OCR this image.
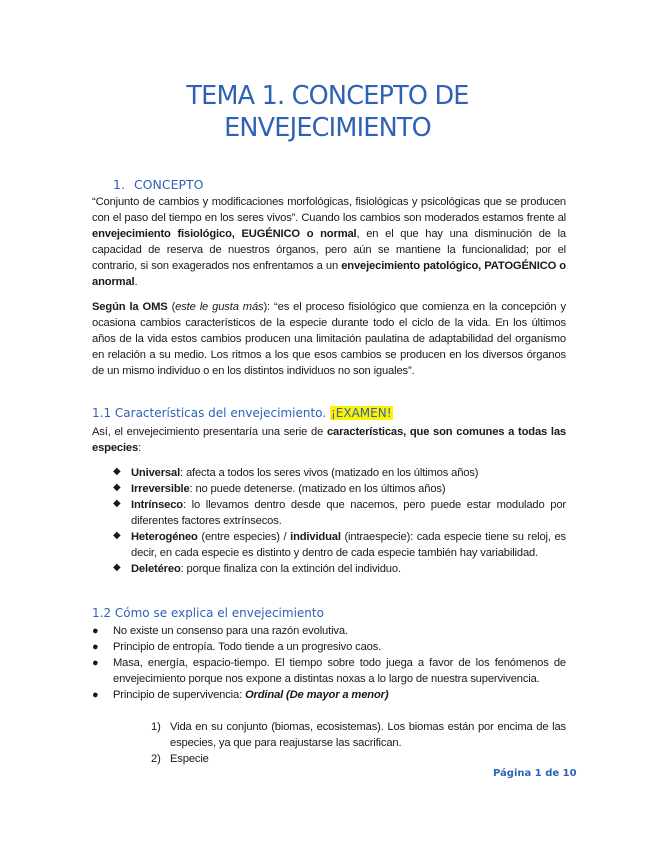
TEMA 1. CONCEPTO DE
ENVEJECIMIENTO
1. CONCEPTO

“Conjunto de cambios y modificaciones morfológicas, fisiológicas y psicológicas que se producen con el paso del tiempo en los seres vivos”. Cuando los cambios son moderados estamos frente al envejecimiento fisiológico, EUGÉNICO o normal, en el que hay una disminución de la capacidad de reserva de nuestros órganos, pero aún se mantiene la funcionalidad; por el contrario, si son exagerados nos enfrentamos a un envejecimiento patológico, PATOGÉNICO o anormal.

Según la OMS (este le gusta más): “es el proceso fisiológico que comienza en la concepción y ocasiona cambios característicos de la especie durante todo el ciclo de la vida. En los últimos años de la vida estos cambios producen una limitación paulatina de adaptabilidad del organismo en relación a su medio. Los ritmos a los que esos cambios se producen en los diversos órganos de un mismo individuo o en los distintos individuos no son iguales”.

1.1 Características del envejecimiento. ¡EXAMEN!

Así, el envejecimiento presentaría una serie de características, que son comunes a todas las especies:

◆ Universal: afecta a todos los seres vivos (matizado en los últimos años)
◆ Irreversible: no puede detenerse. (matizado en los últimos años)
◆ Intrínseco: lo llevamos dentro desde que nacemos, pero puede estar modulado por diferentes factores extrínsecos.
◆ Heterogéneo (entre especies) / individual (intraespecie): cada especie tiene su reloj, es decir, en cada especie es distinto y dentro de cada especie también hay variabilidad.
◆ Deletéreo: porque finaliza con la extinción del individuo.
1.2 Cómo se explica el envejecimiento
● No existe un consenso para una razón evolutiva.
● Principio de entropía. Todo tiende a un progresivo caos.
● Masa, energía, espacio-tiempo. El tiempo sobre todo juega a favor de los fenómenos de envejecimiento porque nos expone a distintas noxas a lo largo de nuestra supervivencia.
● Principio de supervivencia: Ordinal (De mayor a menor)
1) Vida en su conjunto (biomas, ecosistemas). Los biomas están por encima de las especies, ya que para reajustarse las sacrifican.
2) Especie
Página 1 de 10
